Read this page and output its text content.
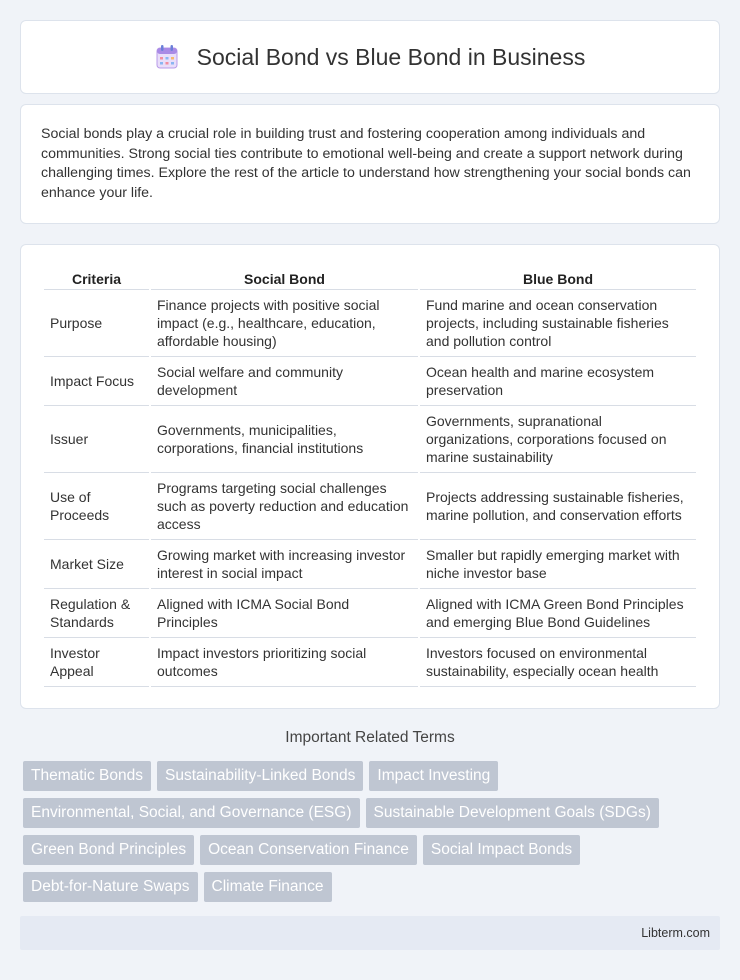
Social Bond vs Blue Bond in Business

Social bonds play a crucial role in building trust and fostering cooperation among individuals and communities. Strong social ties contribute to emotional well-being and create a support network during challenging times. Explore the rest of the article to understand how strengthening your social bonds can enhance your life.

Criteria	Social Bond	Blue Bond
Purpose	Finance projects with positive social impact (e.g., healthcare, education, affordable housing)	Fund marine and ocean conservation projects, including sustainable fisheries and pollution control
Impact Focus	Social welfare and community development	Ocean health and marine ecosystem preservation
Issuer	Governments, municipalities, corporations, financial institutions	Governments, supranational organizations, corporations focused on marine sustainability
Use of Proceeds	Programs targeting social challenges such as poverty reduction and education access	Projects addressing sustainable fisheries, marine pollution, and conservation efforts
Market Size	Growing market with increasing investor interest in social impact	Smaller but rapidly emerging market with niche investor base
Regulation & Standards	Aligned with ICMA Social Bond Principles	Aligned with ICMA Green Bond Principles and emerging Blue Bond Guidelines
Investor Appeal	Impact investors prioritizing social outcomes	Investors focused on environmental sustainability, especially ocean health
Important Related Terms
Thematic Bonds	Sustainability-Linked Bonds	Impact Investing
Environmental, Social, and Governance (ESG)	Sustainable Development Goals (SDGs)
Green Bond Principles	Ocean Conservation Finance	Social Impact Bonds
Debt-for-Nature Swaps	Climate Finance
Libterm.com
